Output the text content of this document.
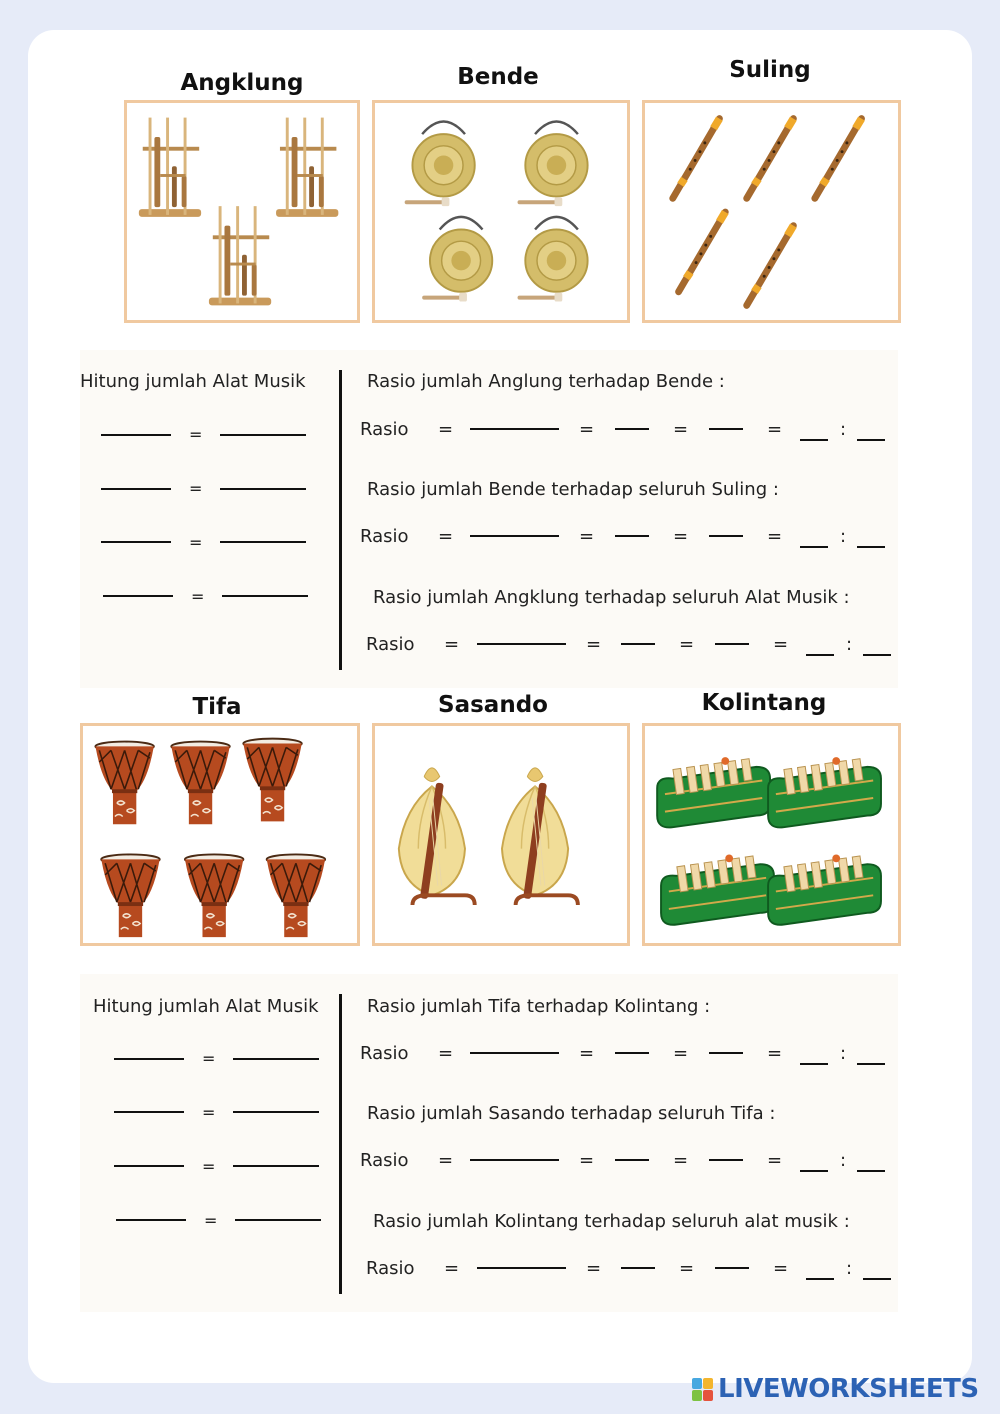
Angklung	Bende	Suling
Hitung jumlah Alat Musik
=
=
=
=
Rasio jumlah Anglung terhadap Bende :
Rasio =	=	=	=	:
Rasio jumlah Bende terhadap seluruh Suling :
Rasio =	=	=	=	:
Rasio jumlah Angklung terhadap seluruh Alat Musik :
Rasio =	=	=	=	:
Tifa	Sasando	Kolintang
Hitung jumlah Alat Musik
=
=
=
=
Rasio jumlah Tifa terhadap Kolintang :
Rasio =	=	=	=	:
Rasio jumlah Sasando terhadap seluruh Tifa :
Rasio =	=	=	=	:
Rasio jumlah Kolintang terhadap seluruh alat musik :
Rasio =	=	=	=	:
LIVEWORKSHEETS
